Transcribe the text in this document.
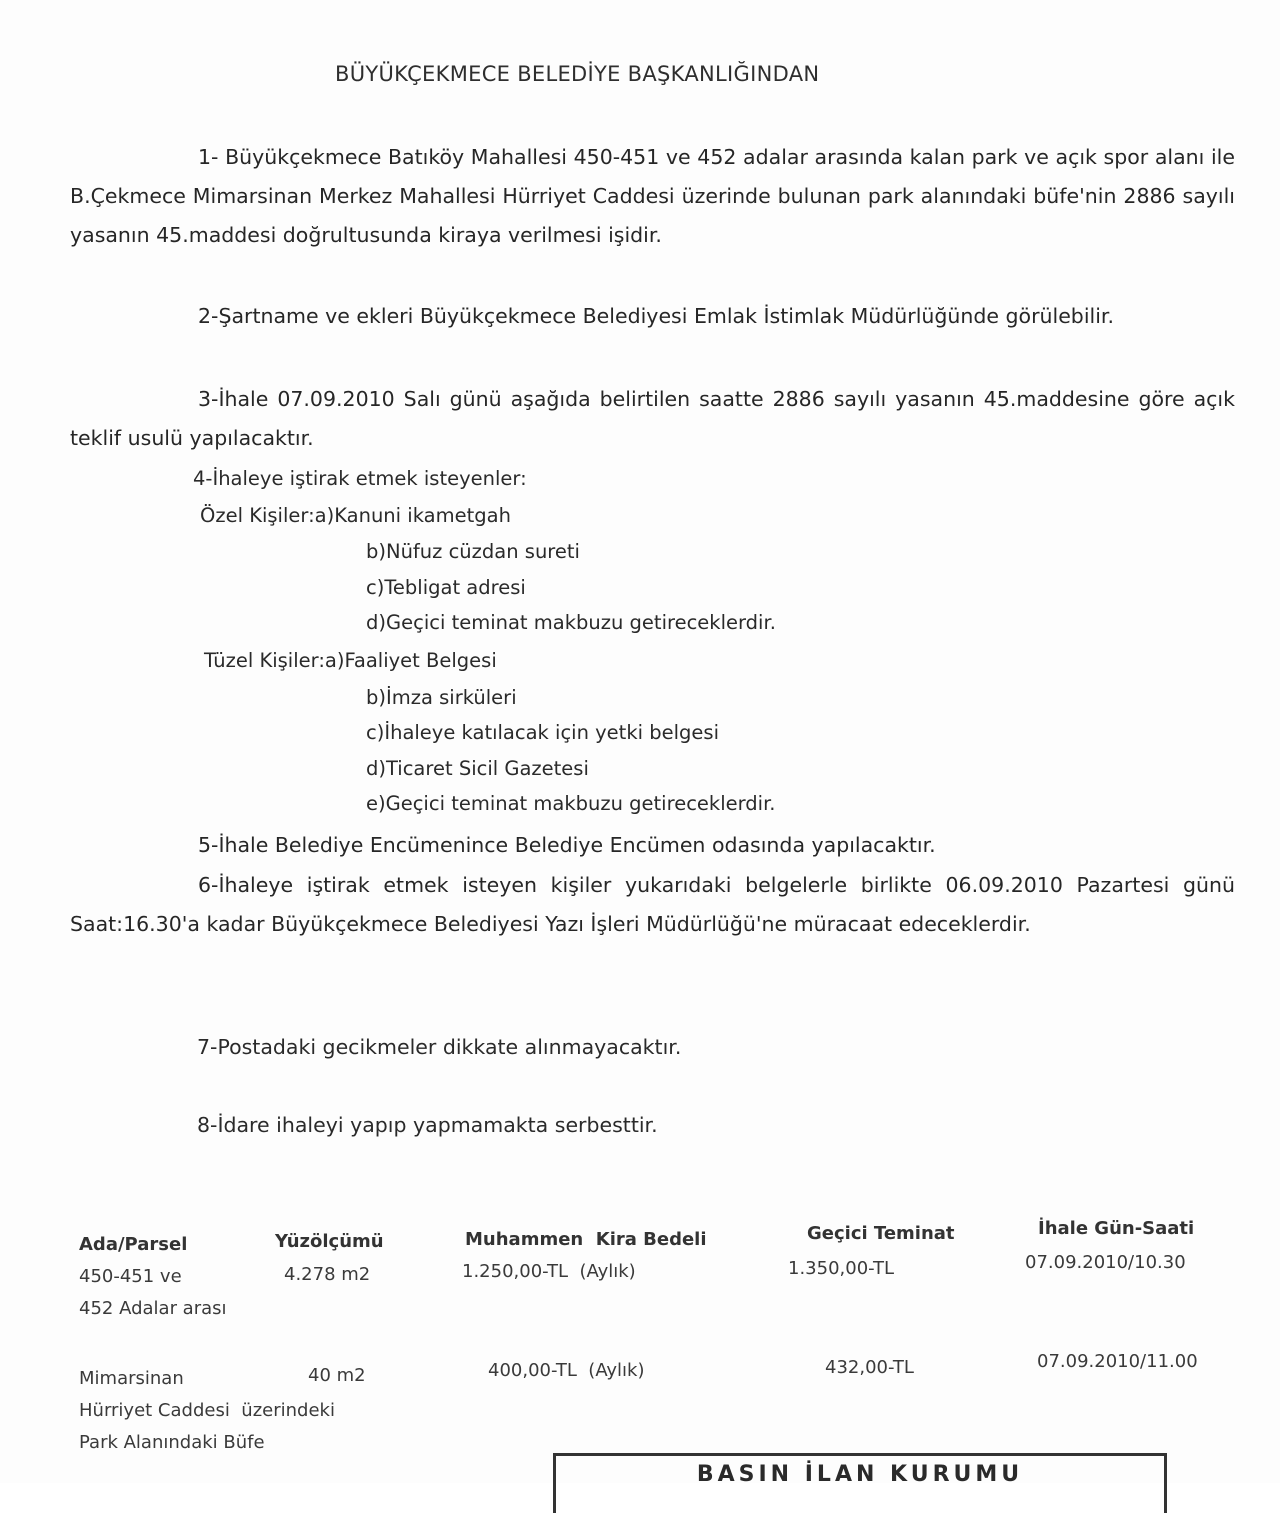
BÜYÜKÇEKMECE BELEDİYE BAŞKANLIĞINDAN
1- Büyükçekmece Batıköy Mahallesi 450-451 ve 452 adalar arasında kalan park ve açık spor alanı ile B.Çekmece Mimarsinan Merkez Mahallesi Hürriyet Caddesi üzerinde bulunan park alanındaki büfe'nin 2886 sayılı yasanın 45.maddesi doğrultusunda kiraya verilmesi işidir.
2-Şartname ve ekleri Büyükçekmece Belediyesi Emlak İstimlak Müdürlüğünde görülebilir.
3-İhale 07.09.2010 Salı günü aşağıda belirtilen saatte 2886 sayılı yasanın 45.maddesine göre açık teklif usulü yapılacaktır.
4-İhaleye iştirak etmek isteyenler:
Özel Kişiler:a)Kanuni ikametgah
b)Nüfuz cüzdan sureti
c)Tebligat adresi
d)Geçici teminat makbuzu getireceklerdir.
Tüzel Kişiler:a)Faaliyet Belgesi
b)İmza sirküleri
c)İhaleye katılacak için yetki belgesi
d)Ticaret Sicil Gazetesi
e)Geçici teminat makbuzu getireceklerdir.
5-İhale Belediye Encümenince Belediye Encümen odasında yapılacaktır.
6-İhaleye iştirak etmek isteyen kişiler yukarıdaki belgelerle birlikte 06.09.2010 Pazartesi günü Saat:16.30'a kadar Büyükçekmece Belediyesi Yazı İşleri Müdürlüğü'ne müracaat edeceklerdir.
7-Postadaki gecikmeler dikkate alınmayacaktır.
8-İdare ihaleyi yapıp yapmamakta serbesttir.
Ada/Parsel	Yüzölçümü	Muhammen  Kira Bedeli	Geçici Teminat	İhale Gün-Saati
450-451 ve
452 Adalar arası
4.278 m2	1.250,00-TL  (Aylık)	1.350,00-TL	07.09.2010/10.30
Mimarsinan
Hürriyet Caddesi  üzerindeki
Park Alanındaki Büfe
40 m2	400,00-TL  (Aylık)	432,00-TL	07.09.2010/11.00
BASIN İLAN KURUMU
